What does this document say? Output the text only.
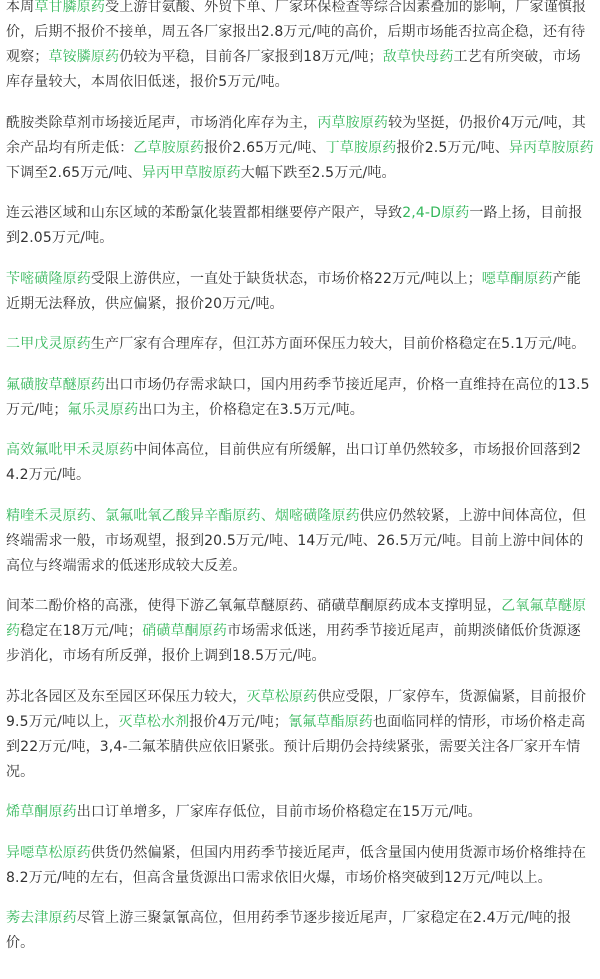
本周草甘膦原药受上游甘氨酸、外贸下单、厂家环保检查等综合因素叠加的影响，厂家谨慎报价，后期不报价不接单，周五各厂家报出2.8万元/吨的高价，后期市场能否拉高企稳，还有待观察；草铵膦原药仍较为平稳，目前各厂家报到18万元/吨；敌草快母药工艺有所突破，市场库存量较大，本周依旧低迷，报价5万元/吨。

酰胺类除草剂市场接近尾声，市场消化库存为主，丙草胺原药较为坚挺，仍报价4万元/吨，其余产品均有所走低：乙草胺原药报价2.65万元/吨、丁草胺原药报价2.5万元/吨、异丙草胺原药下调至2.65万元/吨、异丙甲草胺原药大幅下跌至2.5万元/吨。

连云港区域和山东区域的苯酚氯化装置都相继要停产限产，导致2,4-D原药一路上扬，目前报到2.05万元/吨。

苄嘧磺隆原药受限上游供应，一直处于缺货状态，市场价格22万元/吨以上；噁草酮原药产能近期无法释放，供应偏紧，报价20万元/吨。

二甲戊灵原药生产厂家有合理库存，但江苏方面环保压力较大，目前价格稳定在5.1万元/吨。

氟磺胺草醚原药出口市场仍存需求缺口，国内用药季节接近尾声，价格一直维持在高位的13.5万元/吨；氟乐灵原药出口为主，价格稳定在3.5万元/吨。

高效氟吡甲禾灵原药中间体高位，目前供应有所缓解，出口订单仍然较多，市场报价回落到24.2万元/吨。

精喹禾灵原药、氯氟吡氧乙酸异辛酯原药、烟嘧磺隆原药供应仍然较紧，上游中间体高位，但终端需求一般，市场观望，报到20.5万元/吨、14万元/吨、26.5万元/吨。目前上游中间体的高位与终端需求的低迷形成较大反差。

间苯二酚价格的高涨，使得下游乙氧氟草醚原药、硝磺草酮原药成本支撑明显，乙氧氟草醚原药稳定在18万元/吨；硝磺草酮原药市场需求低迷，用药季节接近尾声，前期淡储低价货源逐步消化，市场有所反弹，报价上调到18.5万元/吨。

苏北各园区及东至园区环保压力较大，灭草松原药供应受限，厂家停车，货源偏紧，目前报价9.5万元/吨以上，灭草松水剂报价4万元/吨；氰氟草酯原药也面临同样的情形，市场价格走高到22万元/吨，3,4-二氟苯腈供应依旧紧张。预计后期仍会持续紧张，需要关注各厂家开车情况。

烯草酮原药出口订单增多，厂家库存低位，目前市场价格稳定在15万元/吨。

异噁草松原药供货仍然偏紧，但国内用药季节接近尾声，低含量国内使用货源市场价格维持在8.2万元/吨的左右，但高含量货源出口需求依旧火爆，市场价格突破到12万元/吨以上。

莠去津原药尽管上游三聚氯氰高位，但用药季节逐步接近尾声，厂家稳定在2.4万元/吨的报价。
